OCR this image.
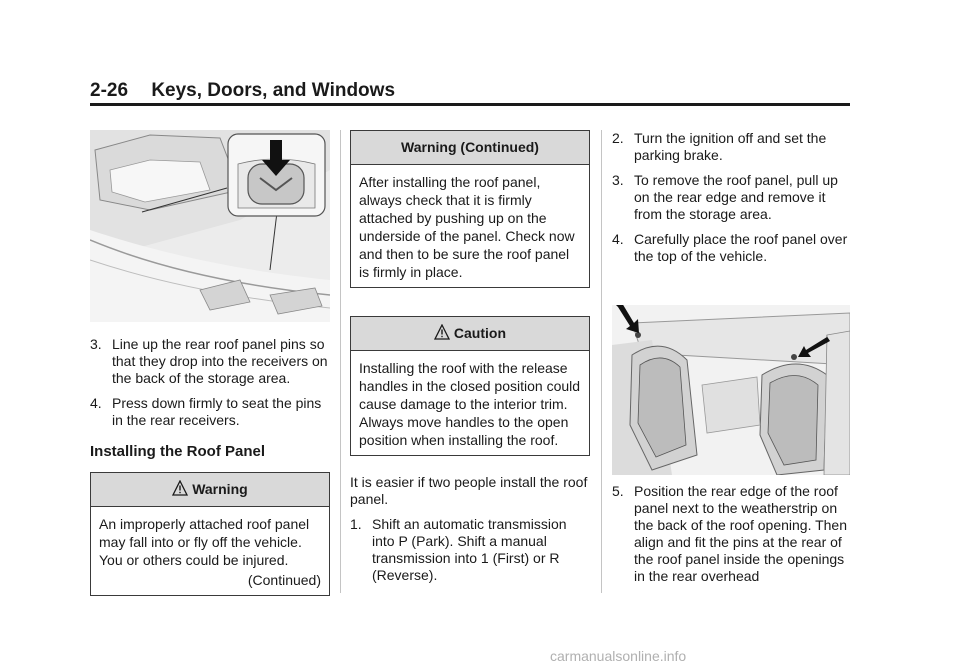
2-26 Keys, Doors, and Windows
3. Line up the rear roof panel pins so that they drop into the receivers on the back of the storage area.
4. Press down firmly to seat the pins in the rear receivers.
Installing the Roof Panel
Warning

An improperly attached roof panel may fall into or fly off the vehicle. You or others could be injured.

(Continued)
Warning (Continued)

After installing the roof panel, always check that it is firmly attached by pushing up on the underside of the panel. Check now and then to be sure the roof panel is firmly in place.

Caution

Installing the roof with the release handles in the closed position could cause damage to the interior trim. Always move handles to the open position when installing the roof.

It is easier if two people install the roof panel.

1. Shift an automatic transmission into P (Park). Shift a manual transmission into 1 (First) or R (Reverse).
2. Turn the ignition off and set the parking brake.
3. To remove the roof panel, pull up on the rear edge and remove it from the storage area.
4. Carefully place the roof panel over the top of the vehicle.
5. Position the rear edge of the roof panel next to the weatherstrip on the back of the roof opening. Then align and fit the pins at the rear of the roof panel inside the openings in the rear overhead
carmanualsonline.info
